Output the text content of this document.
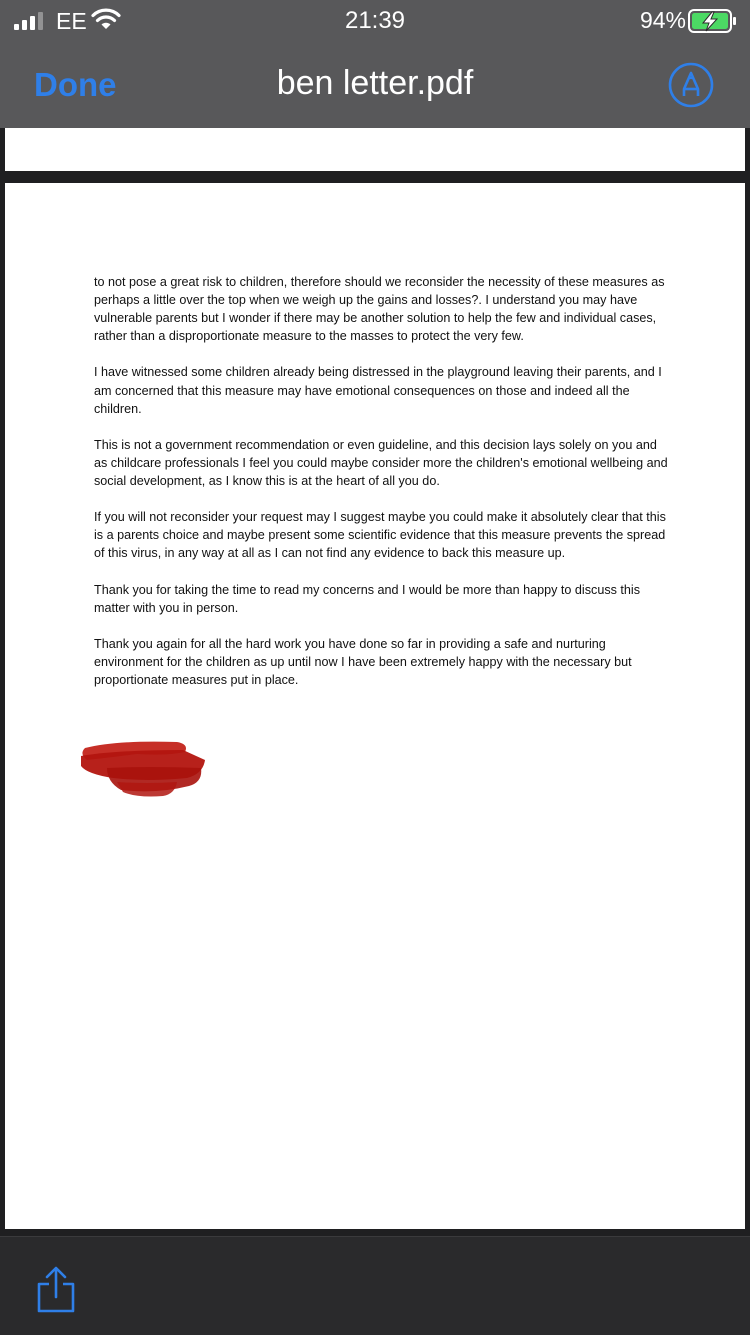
EE	21:39	94%
Done	ben letter.pdf

to not pose a great risk to children, therefore should we reconsider the necessity of these measures as perhaps a little over the top when we weigh up the gains and losses?. I understand you may have vulnerable parents but I wonder if there may be another solution to help the few and individual cases, rather than a disproportionate measure to the masses to protect the very few.

I have witnessed some children already being distressed in the playground leaving their parents, and I am concerned that this measure may have emotional consequences on those and indeed all the children.

This is not a government recommendation or even guideline, and this decision lays solely on you and as childcare professionals I feel you could maybe consider more the children's emotional wellbeing and social development, as I know this is at the heart of all you do.

If you will not reconsider your request may I suggest maybe you could make it absolutely clear that this is a parents choice and maybe present some scientific evidence that this measure prevents the spread of this virus, in any way at all as I can not find any evidence to back this measure up.

Thank you for taking the time to read my concerns and I would be more than happy to discuss this matter with you in person.

Thank you again for all the hard work you have done so far in providing a safe and nurturing environment for the children as up until now I have been extremely happy with the necessary but proportionate measures put in place.
